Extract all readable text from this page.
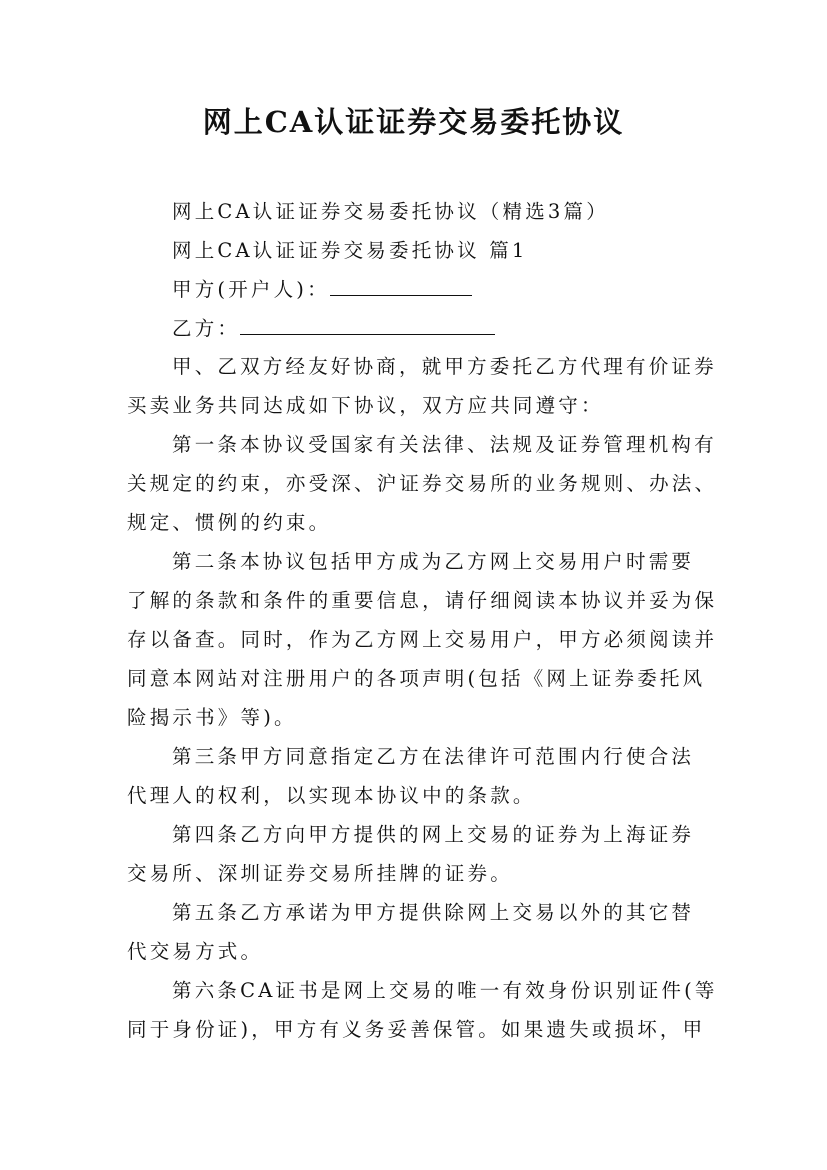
网上CA认证证券交易委托协议
网上CA认证证券交易委托协议（精选3篇）
网上CA认证证券交易委托协议 篇1
甲方(开户人)：
乙方：
甲、乙双方经友好协商，就甲方委托乙方代理有价证券
买卖业务共同达成如下协议，双方应共同遵守：
第一条本协议受国家有关法律、法规及证券管理机构有
关规定的约束，亦受深、沪证券交易所的业务规则、办法、
规定、惯例的约束。
第二条本协议包括甲方成为乙方网上交易用户时需要
了解的条款和条件的重要信息，请仔细阅读本协议并妥为保
存以备查。同时，作为乙方网上交易用户，甲方必须阅读并
同意本网站对注册用户的各项声明(包括《网上证券委托风
险揭示书》等)。
第三条甲方同意指定乙方在法律许可范围内行使合法
代理人的权利，以实现本协议中的条款。
第四条乙方向甲方提供的网上交易的证券为上海证券
交易所、深圳证券交易所挂牌的证券。
第五条乙方承诺为甲方提供除网上交易以外的其它替
代交易方式。
第六条CA证书是网上交易的唯一有效身份识别证件(等
同于身份证)，甲方有义务妥善保管。如果遗失或损坏，甲
